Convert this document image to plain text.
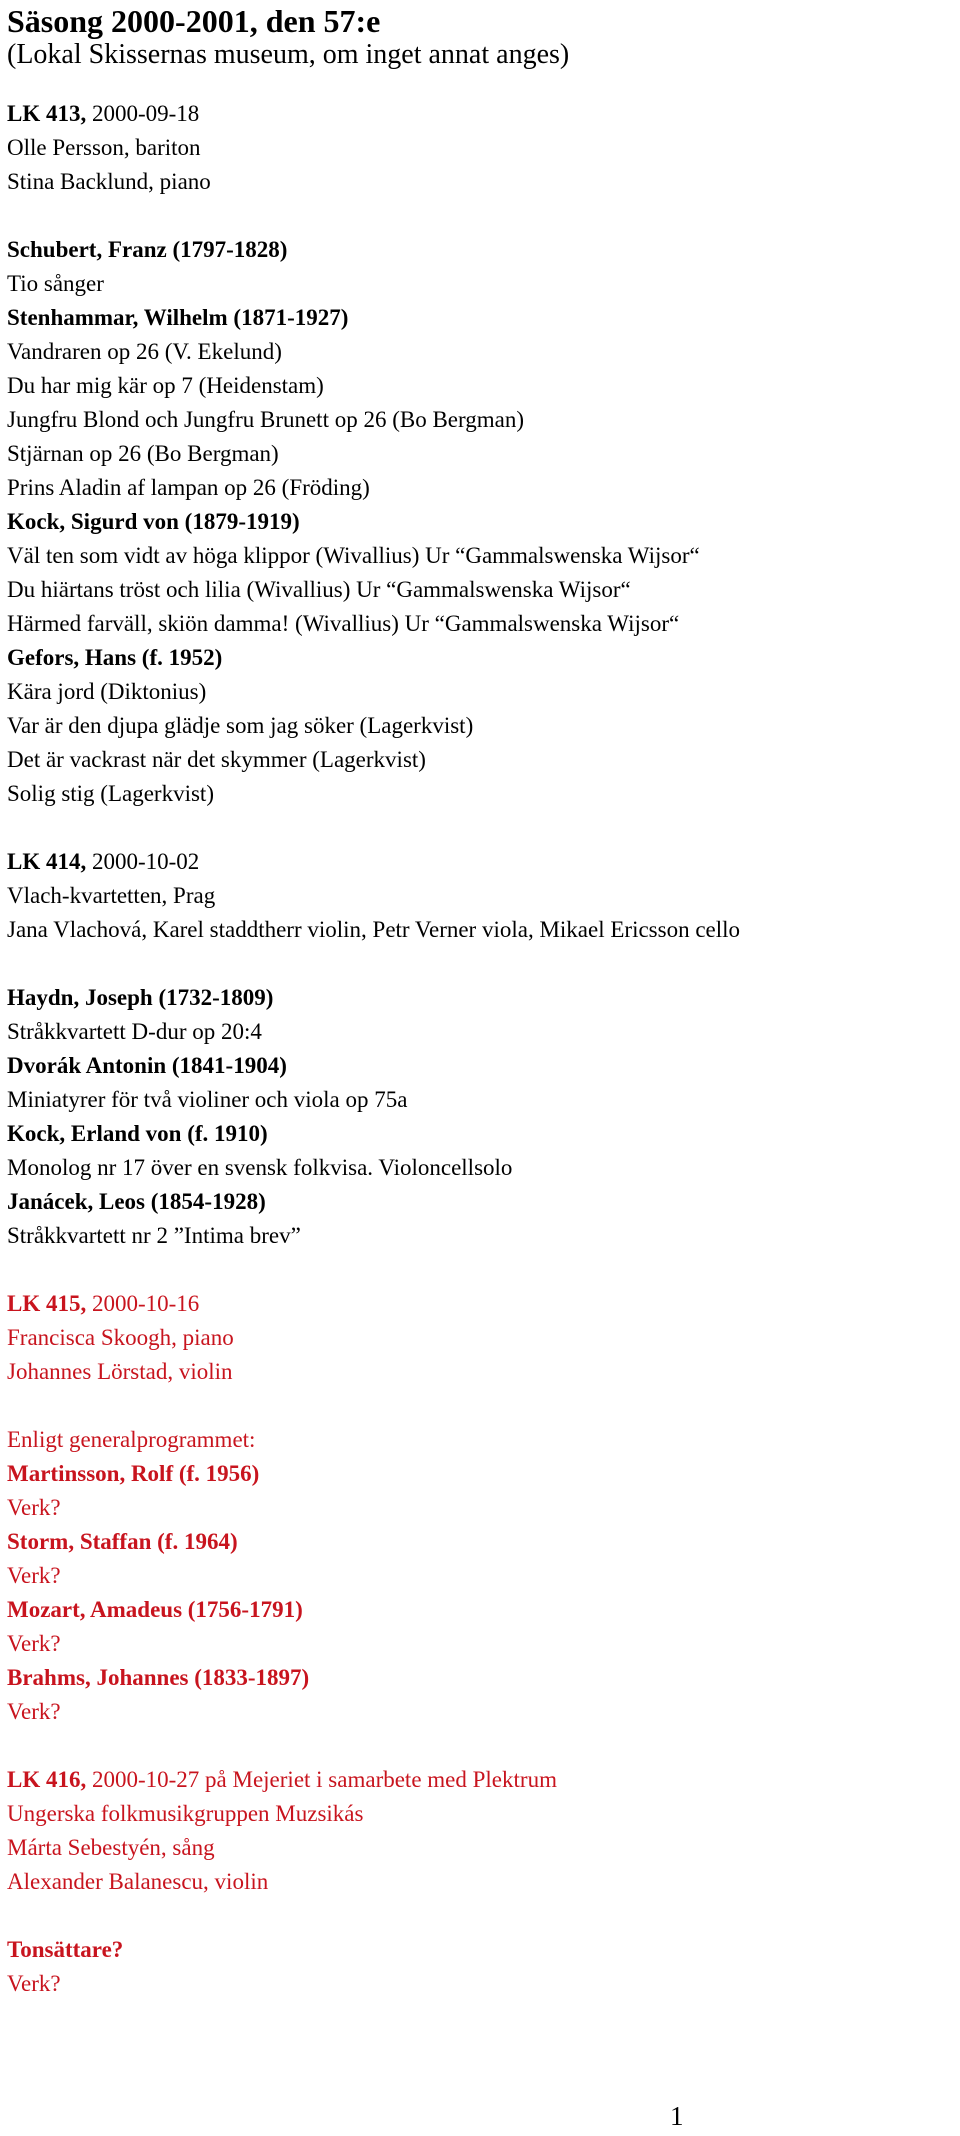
Säsong 2000-2001, den 57:e
(Lokal Skissernas museum, om inget annat anges)
LK 413, 2000-09-18
Olle Persson, bariton
Stina Backlund, piano
Schubert, Franz (1797-1828)
Tio sånger
Stenhammar, Wilhelm (1871-1927)
Vandraren op 26 (V. Ekelund)
Du har mig kär op 7 (Heidenstam)
Jungfru Blond och Jungfru Brunett op 26 (Bo Bergman)
Stjärnan op 26 (Bo Bergman)
Prins Aladin af lampan op 26 (Fröding)
Kock, Sigurd von (1879-1919)
Väl ten som vidt av höga klippor (Wivallius) Ur “Gammalswenska Wijsor“
Du hiärtans tröst och lilia (Wivallius) Ur “Gammalswenska Wijsor“
Härmed farväll, skiön damma! (Wivallius) Ur “Gammalswenska Wijsor“
Gefors, Hans (f. 1952)
Kära jord (Diktonius)
Var är den djupa glädje som jag söker (Lagerkvist)
Det är vackrast när det skymmer (Lagerkvist)
Solig stig (Lagerkvist)
LK 414, 2000-10-02
Vlach-kvartetten, Prag
Jana Vlachová, Karel staddtherr violin, Petr Verner viola, Mikael Ericsson cello
Haydn, Joseph (1732-1809)
Stråkkvartett D-dur op 20:4
Dvorák Antonin (1841-1904)
Miniatyrer för två violiner och viola op 75a
Kock, Erland von (f. 1910)
Monolog nr 17 över en svensk folkvisa. Violoncellsolo
Janácek, Leos (1854-1928)
Stråkkvartett nr 2 ”Intima brev”
LK 415, 2000-10-16
Francisca Skoogh, piano
Johannes Lörstad, violin
Enligt generalprogrammet:
Martinsson, Rolf (f. 1956)
Verk?
Storm, Staffan (f. 1964)
Verk?
Mozart, Amadeus (1756-1791)
Verk?
Brahms, Johannes (1833-1897)
Verk?
LK 416, 2000-10-27 på Mejeriet i samarbete med Plektrum
Ungerska folkmusikgruppen Muzsikás
Márta Sebestyén, sång
Alexander Balanescu, violin
Tonsättare?
Verk?
1
